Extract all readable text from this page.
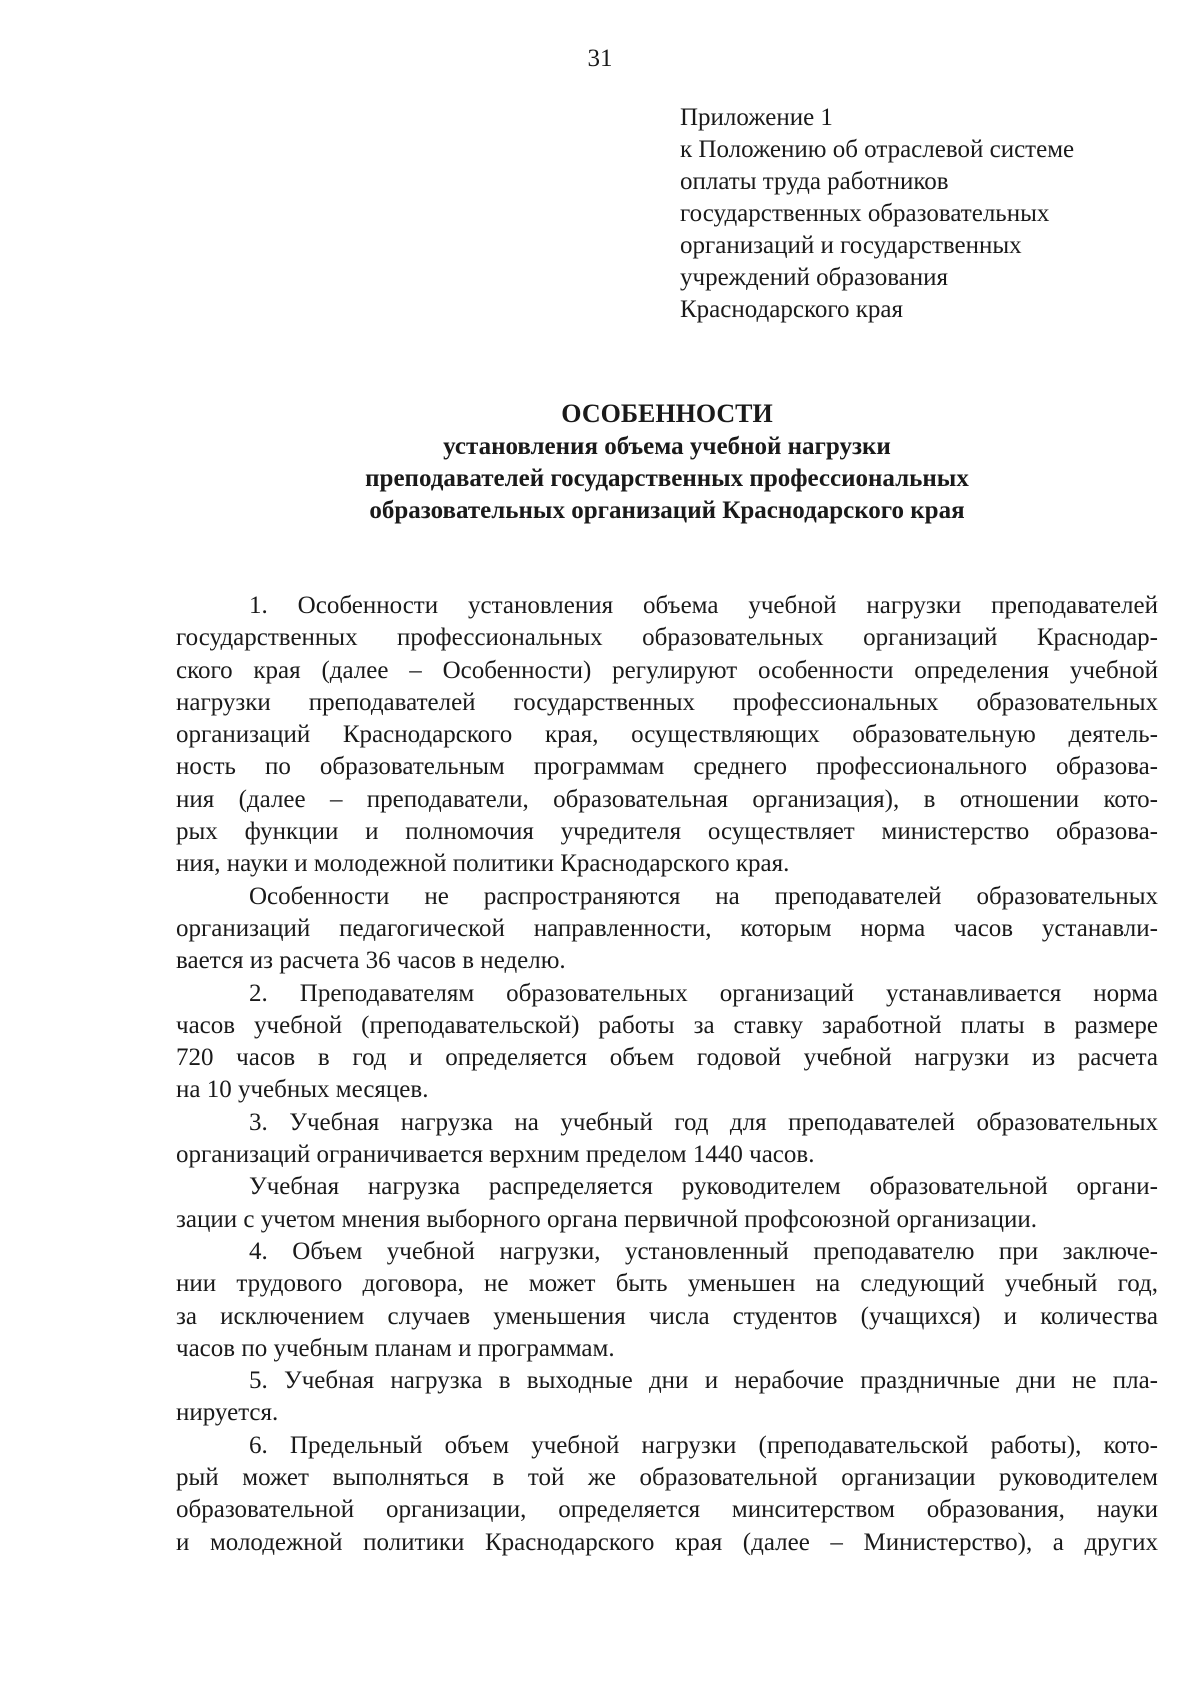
31
Приложение 1
к Положению об отраслевой системе
оплаты труда работников
государственных образовательных
организаций и государственных
учреждений образования
Краснодарского края
ОСОБЕННОСТИ
установления объема учебной нагрузки
преподавателей государственных профессиональных
образовательных организаций Краснодарского края
1. Особенности установления объема учебной нагрузки преподавателей
государственных профессиональных образовательных организаций Краснодар-
ского края (далее – Особенности) регулируют особенности определения учебной
нагрузки преподавателей государственных профессиональных образовательных
организаций Краснодарского края, осуществляющих образовательную деятель-
ность по образовательным программам среднего профессионального образова-
ния (далее – преподаватели, образовательная организация), в отношении кото-
рых функции и полномочия учредителя осуществляет министерство образова-
ния, науки и молодежной политики Краснодарского края.
Особенности не распространяются на преподавателей образовательных
организаций педагогической направленности, которым норма часов устанавли-
вается из расчета 36 часов в неделю.
2. Преподавателям образовательных организаций устанавливается норма
часов учебной (преподавательской) работы за ставку заработной платы в размере
720 часов в год и определяется объем годовой учебной нагрузки из расчета
на 10 учебных месяцев.
3. Учебная нагрузка на учебный год для преподавателей образовательных
организаций ограничивается верхним пределом 1440 часов.
Учебная нагрузка распределяется руководителем образовательной органи-
зации с учетом мнения выборного органа первичной профсоюзной организации.
4. Объем учебной нагрузки, установленный преподавателю при заключе-
нии трудового договора, не может быть уменьшен на следующий учебный год,
за исключением случаев уменьшения числа студентов (учащихся) и количества
часов по учебным планам и программам.
5. Учебная нагрузка в выходные дни и нерабочие праздничные дни не пла-
нируется.
6. Предельный объем учебной нагрузки (преподавательской работы), кото-
рый может выполняться в той же образовательной организации руководителем
образовательной организации, определяется минситерством образования, науки
и молодежной политики Краснодарского края (далее – Министерство), а других
